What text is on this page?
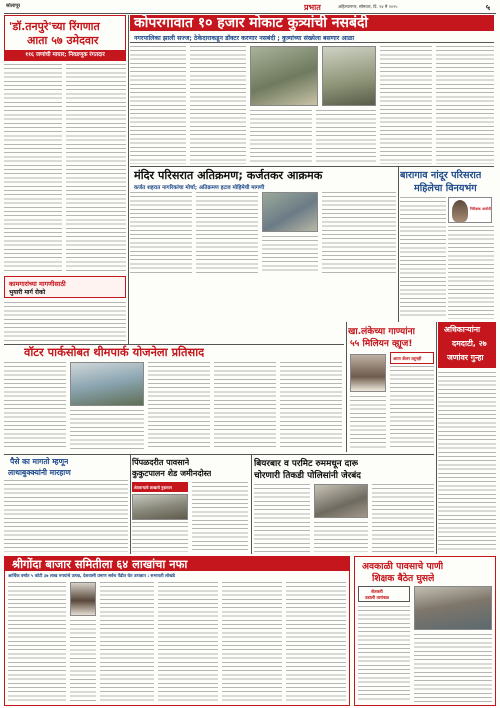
सोलापूर	प्रभात	अहिल्यानगर, सोमवार, दि. १४ मे २०२५	५
'डॉ.तनपुरे'च्या रिंगणात
आता ५७ उमेदवार
११६ जणांची माघार; निवडणूक रंगतदार
कोपरगावात १० हजार मोकाट कुत्र्यांची नसबंदी
नगरपालिका झाली सज्ज; ठेकेदाराकडून डॉक्टर करणार नसबंदी ; कुत्र्यांच्या संख्येला बसणार आळा
कामगारांच्या मागणीसाठी
भुयारी मार्ग रोको
मंदिर परिसरात अतिक्रमण; कर्जतकर आक्रमक
कर्जत शहरात नागरिकांचा मोर्चा; अतिक्रमण हटाव मोहिमेची मागणी
बारागाव नांदूर परिसरात
महिलेचा विनयभंग
निरीक्षक आरोपी
वॉटर पार्कसोबत थीमपार्क योजनेला प्रतिसाद
खा.लंकेच्या गाण्यांना
५५ मिलियन व्ह्यूज!
आता कॅलर ट्यूनही
अधिकाऱ्यांना
दमदाटी, २७
जणांवर गुन्हा
पैसे का मागतो म्हणून
लाथाबुक्क्यांनी मारहाण
पिंपळदरीत पावसाने
कुकुटपालन शेड जमीनदोस्त
शेतकऱ्याचे लाखाचे नुकसान
बियरबार व परमिट रुममधून दारू
चोरणारी तिकडी पोलिसांनी जेरबंद
श्रीगोंदा बाजार समितीला ६४ लाखांचा नफा
आर्थिक वर्षात ५ कोटी ३७ लाख रुपयांचे उत्पन्न, देशवासी प्रमाण सर्वच पेंढीत घेत उत्पन्नात : सभापती लोखंडे
अवकाळी पावसाचे पाणी
शिक्षक बैठेत घुसले
शेतकरी
उडाली तारांबळ
